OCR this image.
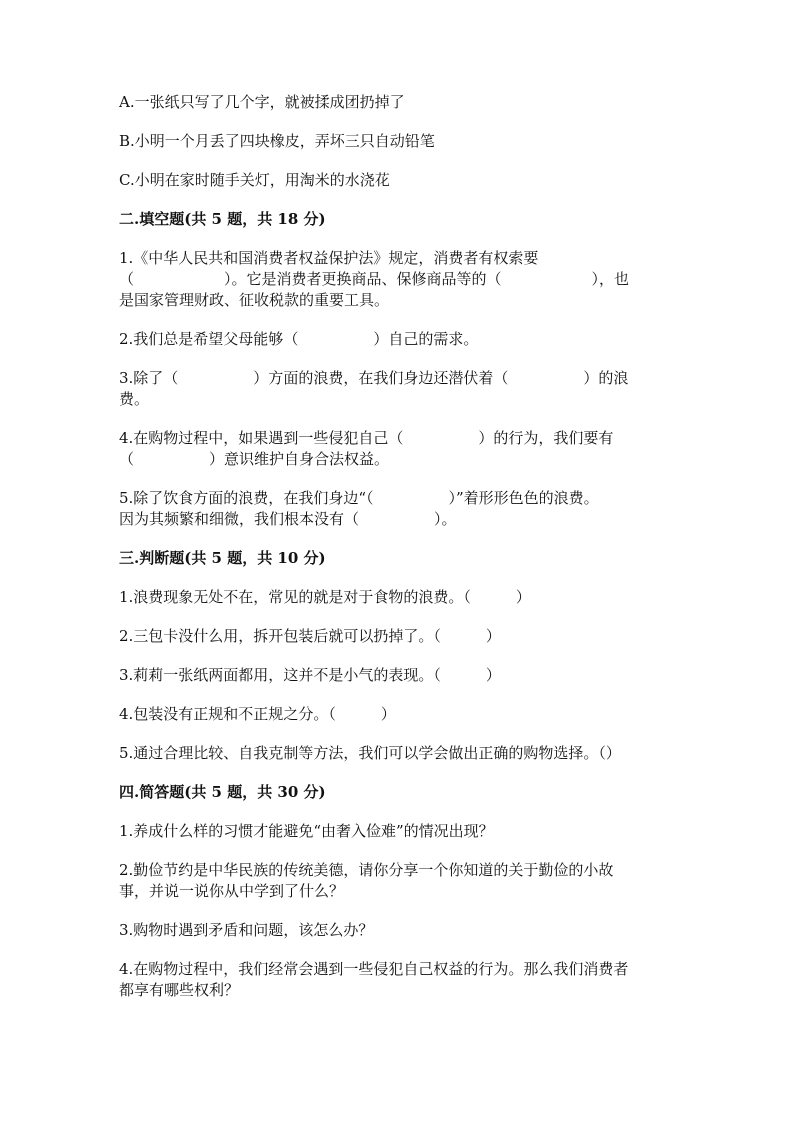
A.一张纸只写了几个字，就被揉成团扔掉了
B.小明一个月丢了四块橡皮，弄坏三只自动铅笔
C.小明在家时随手关灯，用淘米的水浇花
二.填空题(共 5 题，共 18 分)
1.《中华人民共和国消费者权益保护法》规定，消费者有权索要
（　　　　　　）。它是消费者更换商品、保修商品等的（　　　　　　），也
是国家管理财政、征收税款的重要工具。
2.我们总是希望父母能够（　　　　　）自己的需求。
3.除了（　　　　　）方面的浪费，在我们身边还潜伏着（　　　　　）的浪
费。
4.在购物过程中，如果遇到一些侵犯自己（　　　　　）的行为，我们要有
（　　　　　）意识维护自身合法权益。
5.除了饮食方面的浪费，在我们身边“（　　　　　）”着形形色色的浪费。
因为其频繁和细微，我们根本没有（　　　　　）。
三.判断题(共 5 题，共 10 分)
1.浪费现象无处不在，常见的就是对于食物的浪费。（　　　）
2.三包卡没什么用，拆开包装后就可以扔掉了。（　　　）
3.莉莉一张纸两面都用，这并不是小气的表现。（　　　）
4.包装没有正规和不正规之分。（　　　）
5.通过合理比较、自我克制等方法，我们可以学会做出正确的购物选择。（）
四.简答题(共 5 题，共 30 分)
1.养成什么样的习惯才能避免“由奢入俭难”的情况出现？
2.勤俭节约是中华民族的传统美德，请你分享一个你知道的关于勤俭的小故
事，并说一说你从中学到了什么？
3.购物时遇到矛盾和问题，该怎么办？
4.在购物过程中，我们经常会遇到一些侵犯自己权益的行为。那么我们消费者
都享有哪些权利？
